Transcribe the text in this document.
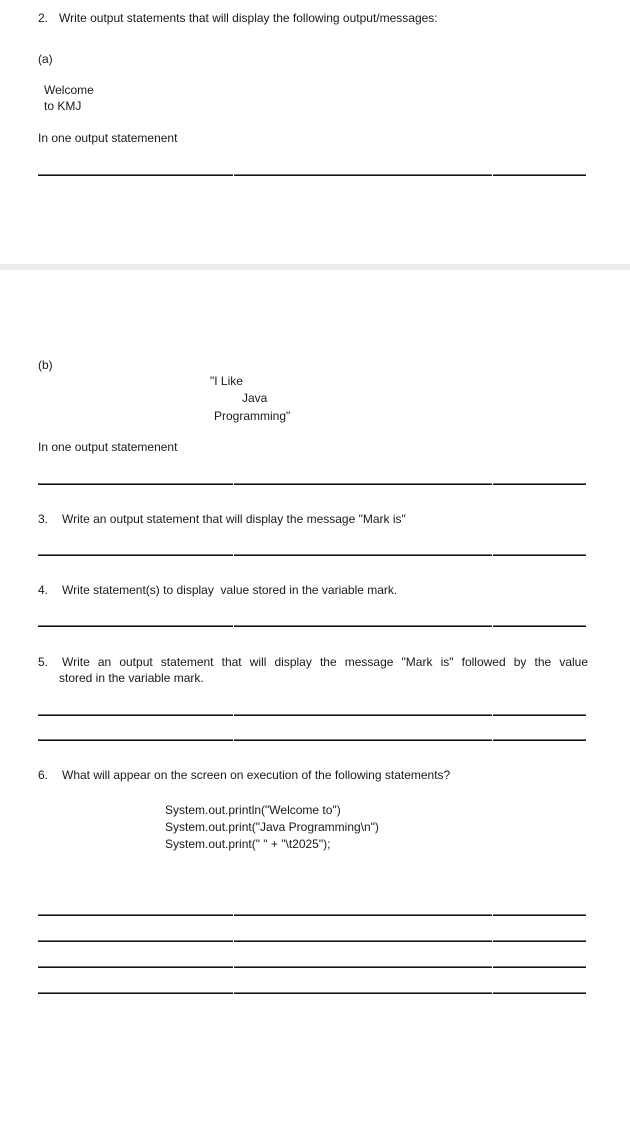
2. Write output statements that will display the following output/messages:
(a)
Welcome
to KMJ
In one output statemenent
(b)
"I Like
Java
Programming"
In one output statemenent
3. Write an output statement that will display the message "Mark is"
4. Write statement(s) to display  value stored in the variable mark.
5. Write an output statement that will display the message "Mark is" followed by the value
stored in the variable mark.
6. What will appear on the screen on execution of the following statements?
System.out.println("Welcome to")
System.out.print("Java Programming\n")
System.out.print(" " + "\t2025");
